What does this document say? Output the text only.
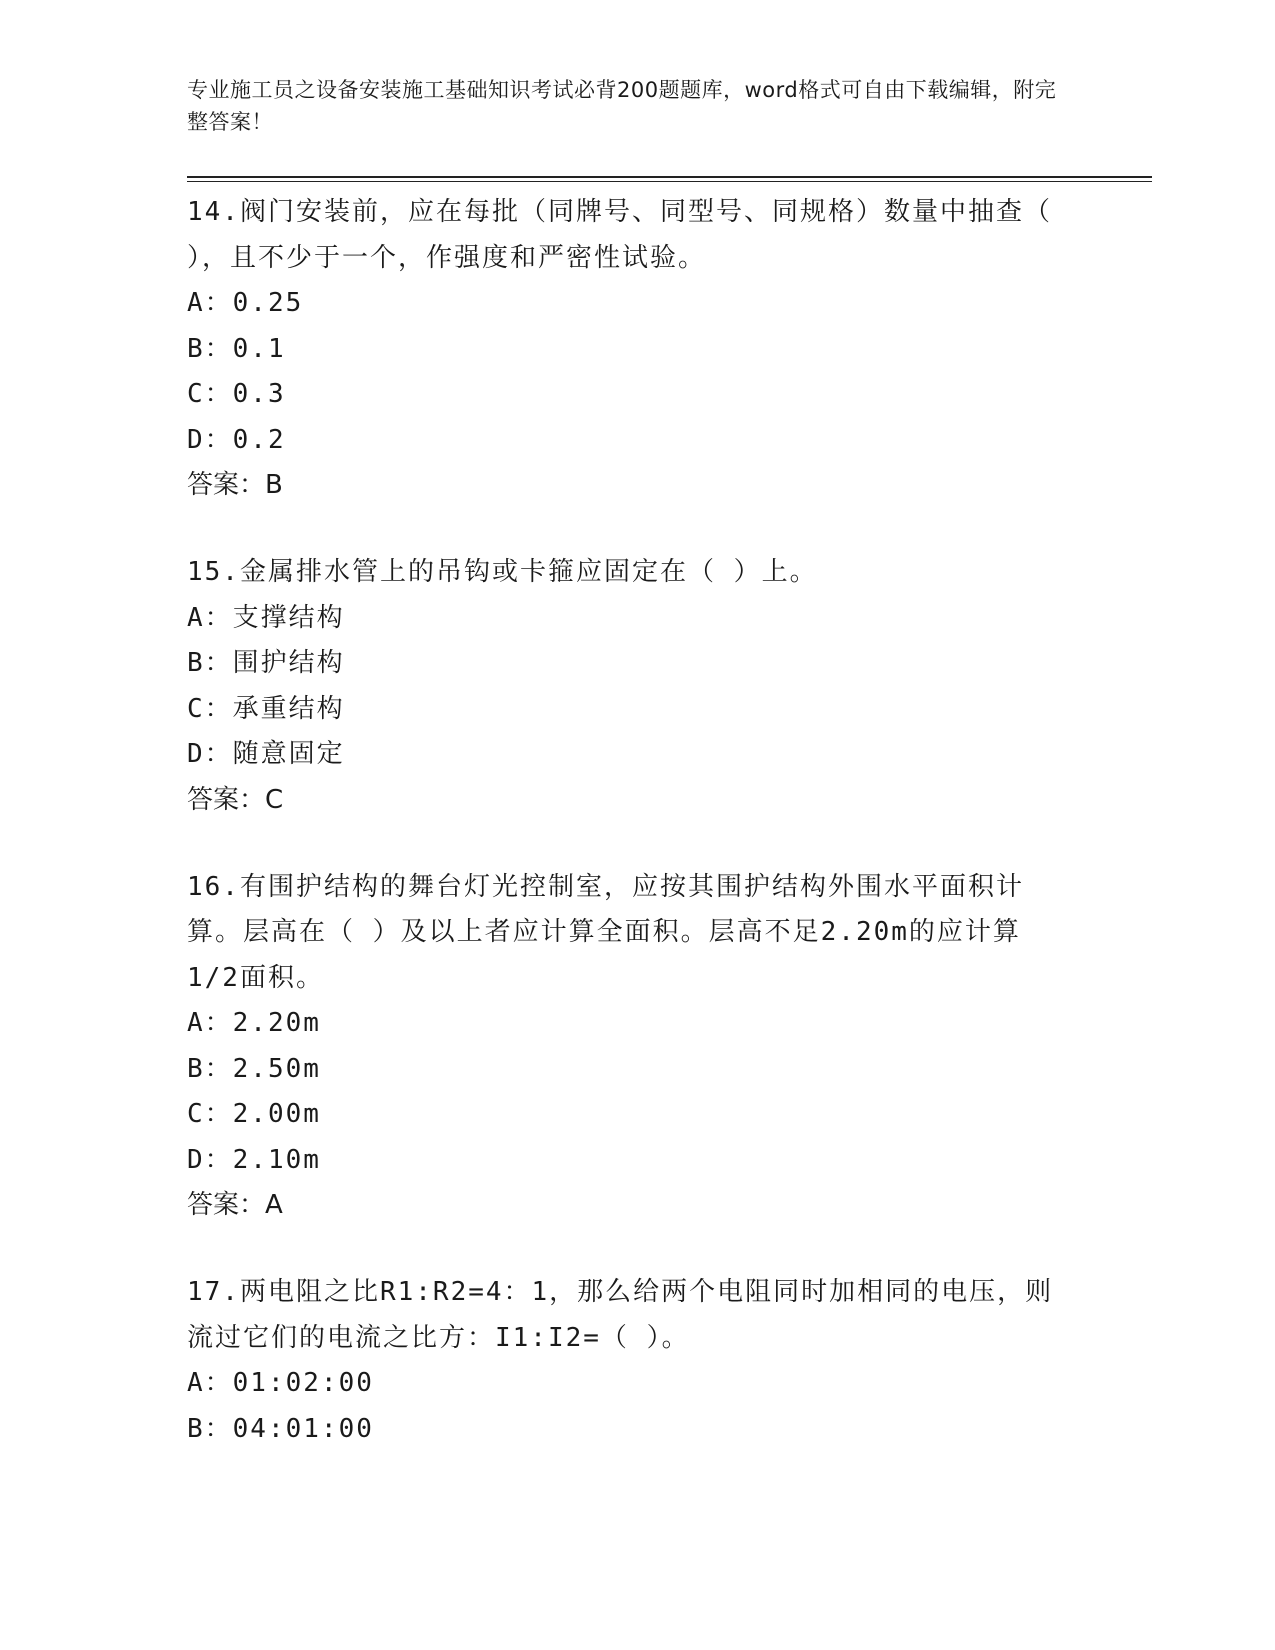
专业施工员之设备安装施工基础知识考试必背200题题库，word格式可自由下载编辑，附完整答案！

14.阀门安装前，应在每批（同牌号、同型号、同规格）数量中抽查（ ），且不少于一个，作强度和严密性试验。

A：0.25

B：0.1

C：0.3

D：0.2

答案：B

15.金属排水管上的吊钩或卡箍应固定在（ ）上。

A：支撑结构

B：围护结构

C：承重结构

D：随意固定

答案：C

16.有围护结构的舞台灯光控制室，应按其围护结构外围水平面积计算。层高在（ ）及以上者应计算全面积。层高不足2.20m的应计算1/2面积。

A：2.20m

B：2.50m

C：2.00m

D：2.10m

答案：A

17.两电阻之比R1:R2=4：1，那么给两个电阻同时加相同的电压，则流过它们的电流之比方：I1:I2=（ ）。

A：01:02:00

B：04:01:00
